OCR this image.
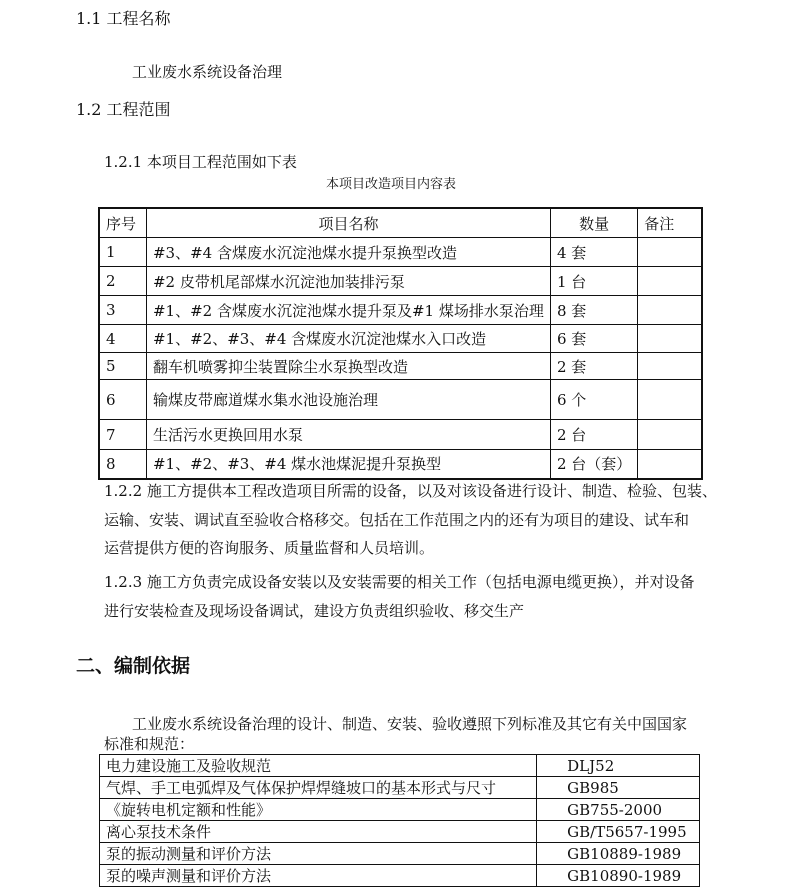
1.1 工程名称
工业废水系统设备治理
1.2 工程范围
1.2.1 本项目工程范围如下表
本项目改造项目内容表
序号	项目名称	数量	备注
1	#3、#4 含煤废水沉淀池煤水提升泵换型改造	4 套	
2	#2 皮带机尾部煤水沉淀池加装排污泵	1 台	
3	#1、#2 含煤废水沉淀池煤水提升泵及#1 煤场排水泵治理	8 套	
4	#1、#2、#3、#4 含煤废水沉淀池煤水入口改造	6 套	
5	翻车机喷雾抑尘装置除尘水泵换型改造	2 套	
6	输煤皮带廊道煤水集水池设施治理	6 个	
7	生活污水更换回用水泵	2 台	
8	#1、#2、#3、#4 煤水池煤泥提升泵换型	2 台（套）	
1.2.2 施工方提供本工程改造项目所需的设备，以及对该设备进行设计、制造、检验、包装、
运输、安装、调试直至验收合格移交。包括在工作范围之内的还有为项目的建设、试车和
运营提供方便的咨询服务、质量监督和人员培训。
1.2.3 施工方负责完成设备安装以及安装需要的相关工作（包括电源电缆更换），并对设备
进行安装检查及现场设备调试，建设方负责组织验收、移交生产
二、编制依据
工业废水系统设备治理的设计、制造、安装、验收遵照下列标准及其它有关中国国家
标准和规范：
电力建设施工及验收规范	DLJ52
气焊、手工电弧焊及气体保护焊焊缝坡口的基本形式与尺寸	GB985
《旋转电机定额和性能》	GB755-2000
离心泵技术条件	GB/T5657-1995
泵的振动测量和评价方法	GB10889-1989
泵的噪声测量和评价方法	GB10890-1989
